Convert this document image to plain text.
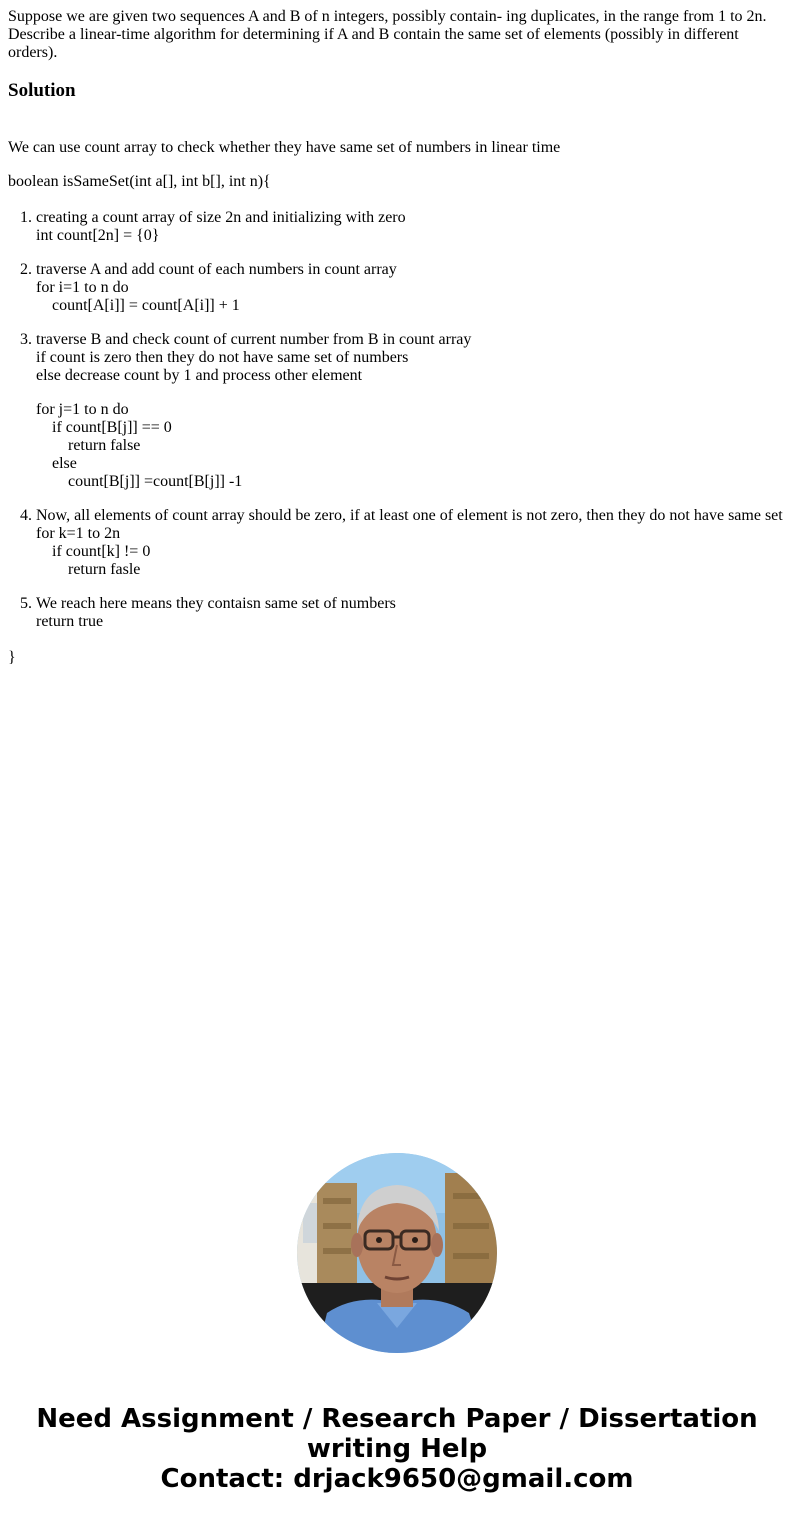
Suppose we are given two sequences A and B of n integers, possibly contain- ing duplicates, in the range from 1 to 2n. Describe a linear-time algorithm for determining if A and B contain the same set of elements (possibly in different orders).

Solution

We can use count array to check whether they have same set of numbers in linear time

boolean isSameSet(int a[], int b[], int n){

1. creating a count array of size 2n and initializing with zero
int count[2n] = {0}
2. traverse A and add count of each numbers in count array
for i=1 to n do
count[A[i]] = count[A[i]] + 1
3. traverse B and check count of current number from B in count array
if count is zero then they do not have same set of numbers
else decrease count by 1 and process other element
for j=1 to n do
if count[B[j]] == 0
return false
else
count[B[j]] =count[B[j]] -1
4. Now, all elements of count array should be zero, if at least one of element is not zero, then they do not have same set
for k=1 to 2n
if count[k] != 0
return fasle
5. We reach here means they contaisn same set of numbers
return true

}

Need Assignment / Research Paper / Dissertation
writing Help
Contact: drjack9650@gmail.com
